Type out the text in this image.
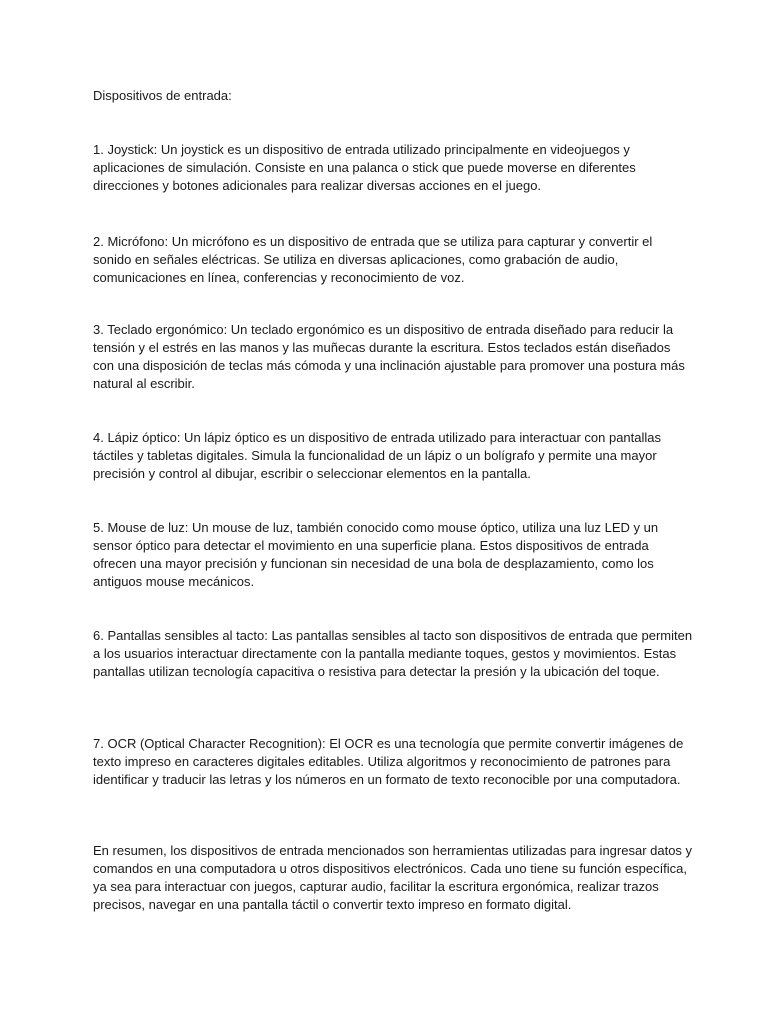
Dispositivos de entrada:

1. Joystick: Un joystick es un dispositivo de entrada utilizado principalmente en videojuegos y aplicaciones de simulación. Consiste en una palanca o stick que puede moverse en diferentes direcciones y botones adicionales para realizar diversas acciones en el juego.

2. Micrófono: Un micrófono es un dispositivo de entrada que se utiliza para capturar y convertir el sonido en señales eléctricas. Se utiliza en diversas aplicaciones, como grabación de audio, comunicaciones en línea, conferencias y reconocimiento de voz.

3. Teclado ergonómico: Un teclado ergonómico es un dispositivo de entrada diseñado para reducir la tensión y el estrés en las manos y las muñecas durante la escritura. Estos teclados están diseñados con una disposición de teclas más cómoda y una inclinación ajustable para promover una postura más natural al escribir.

4. Lápiz óptico: Un lápiz óptico es un dispositivo de entrada utilizado para interactuar con pantallas táctiles y tabletas digitales. Simula la funcionalidad de un lápiz o un bolígrafo y permite una mayor precisión y control al dibujar, escribir o seleccionar elementos en la pantalla.

5. Mouse de luz: Un mouse de luz, también conocido como mouse óptico, utiliza una luz LED y un sensor óptico para detectar el movimiento en una superficie plana. Estos dispositivos de entrada ofrecen una mayor precisión y funcionan sin necesidad de una bola de desplazamiento, como los antiguos mouse mecánicos.

6. Pantallas sensibles al tacto: Las pantallas sensibles al tacto son dispositivos de entrada que permiten a los usuarios interactuar directamente con la pantalla mediante toques, gestos y movimientos. Estas pantallas utilizan tecnología capacitiva o resistiva para detectar la presión y la ubicación del toque.

7. OCR (Optical Character Recognition): El OCR es una tecnología que permite convertir imágenes de texto impreso en caracteres digitales editables. Utiliza algoritmos y reconocimiento de patrones para identificar y traducir las letras y los números en un formato de texto reconocible por una computadora.

En resumen, los dispositivos de entrada mencionados son herramientas utilizadas para ingresar datos y comandos en una computadora u otros dispositivos electrónicos. Cada uno tiene su función específica, ya sea para interactuar con juegos, capturar audio, facilitar la escritura ergonómica, realizar trazos precisos, navegar en una pantalla táctil o convertir texto impreso en formato digital.
